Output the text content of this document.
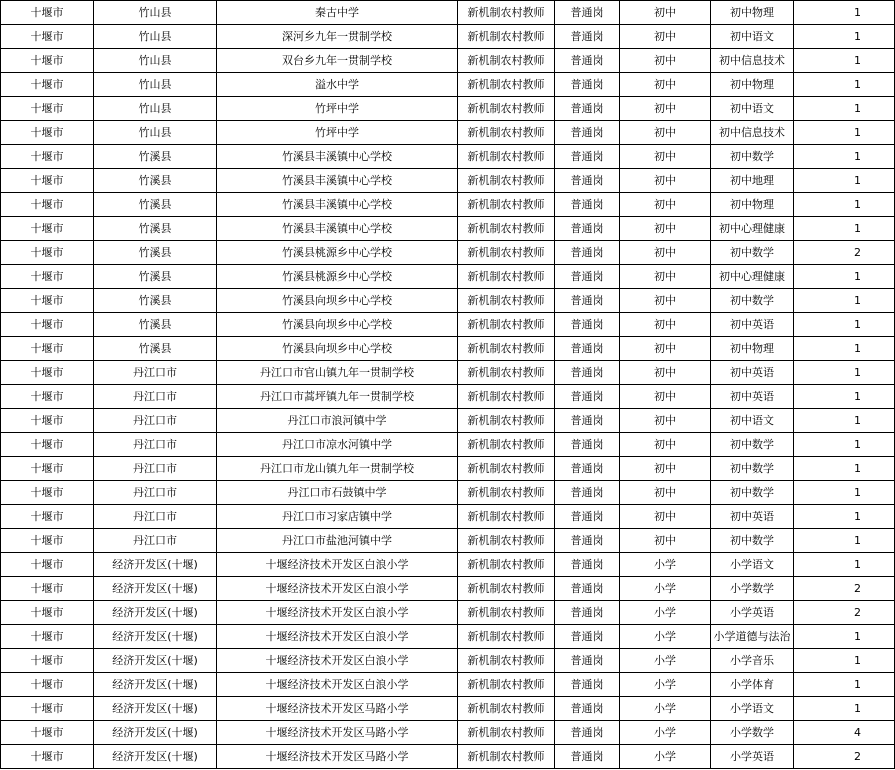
十堰市	竹山县	秦古中学	新机制农村教师	普通岗	初中	初中物理	1
十堰市	竹山县	深河乡九年一贯制学校	新机制农村教师	普通岗	初中	初中语文	1
十堰市	竹山县	双台乡九年一贯制学校	新机制农村教师	普通岗	初中	初中信息技术	1
十堰市	竹山县	溢水中学	新机制农村教师	普通岗	初中	初中物理	1
十堰市	竹山县	竹坪中学	新机制农村教师	普通岗	初中	初中语文	1
十堰市	竹山县	竹坪中学	新机制农村教师	普通岗	初中	初中信息技术	1
十堰市	竹溪县	竹溪县丰溪镇中心学校	新机制农村教师	普通岗	初中	初中数学	1
十堰市	竹溪县	竹溪县丰溪镇中心学校	新机制农村教师	普通岗	初中	初中地理	1
十堰市	竹溪县	竹溪县丰溪镇中心学校	新机制农村教师	普通岗	初中	初中物理	1
十堰市	竹溪县	竹溪县丰溪镇中心学校	新机制农村教师	普通岗	初中	初中心理健康	1
十堰市	竹溪县	竹溪县桃源乡中心学校	新机制农村教师	普通岗	初中	初中数学	2
十堰市	竹溪县	竹溪县桃源乡中心学校	新机制农村教师	普通岗	初中	初中心理健康	1
十堰市	竹溪县	竹溪县向坝乡中心学校	新机制农村教师	普通岗	初中	初中数学	1
十堰市	竹溪县	竹溪县向坝乡中心学校	新机制农村教师	普通岗	初中	初中英语	1
十堰市	竹溪县	竹溪县向坝乡中心学校	新机制农村教师	普通岗	初中	初中物理	1
十堰市	丹江口市	丹江口市官山镇九年一贯制学校	新机制农村教师	普通岗	初中	初中英语	1
十堰市	丹江口市	丹江口市蒿坪镇九年一贯制学校	新机制农村教师	普通岗	初中	初中英语	1
十堰市	丹江口市	丹江口市浪河镇中学	新机制农村教师	普通岗	初中	初中语文	1
十堰市	丹江口市	丹江口市凉水河镇中学	新机制农村教师	普通岗	初中	初中数学	1
十堰市	丹江口市	丹江口市龙山镇九年一贯制学校	新机制农村教师	普通岗	初中	初中数学	1
十堰市	丹江口市	丹江口市石鼓镇中学	新机制农村教师	普通岗	初中	初中数学	1
十堰市	丹江口市	丹江口市习家店镇中学	新机制农村教师	普通岗	初中	初中英语	1
十堰市	丹江口市	丹江口市盐池河镇中学	新机制农村教师	普通岗	初中	初中数学	1
十堰市	经济开发区(十堰)	十堰经济技术开发区白浪小学	新机制农村教师	普通岗	小学	小学语文	1
十堰市	经济开发区(十堰)	十堰经济技术开发区白浪小学	新机制农村教师	普通岗	小学	小学数学	2
十堰市	经济开发区(十堰)	十堰经济技术开发区白浪小学	新机制农村教师	普通岗	小学	小学英语	2
十堰市	经济开发区(十堰)	十堰经济技术开发区白浪小学	新机制农村教师	普通岗	小学	小学道德与法治	1
十堰市	经济开发区(十堰)	十堰经济技术开发区白浪小学	新机制农村教师	普通岗	小学	小学音乐	1
十堰市	经济开发区(十堰)	十堰经济技术开发区白浪小学	新机制农村教师	普通岗	小学	小学体育	1
十堰市	经济开发区(十堰)	十堰经济技术开发区马路小学	新机制农村教师	普通岗	小学	小学语文	1
十堰市	经济开发区(十堰)	十堰经济技术开发区马路小学	新机制农村教师	普通岗	小学	小学数学	4
十堰市	经济开发区(十堰)	十堰经济技术开发区马路小学	新机制农村教师	普通岗	小学	小学英语	2
